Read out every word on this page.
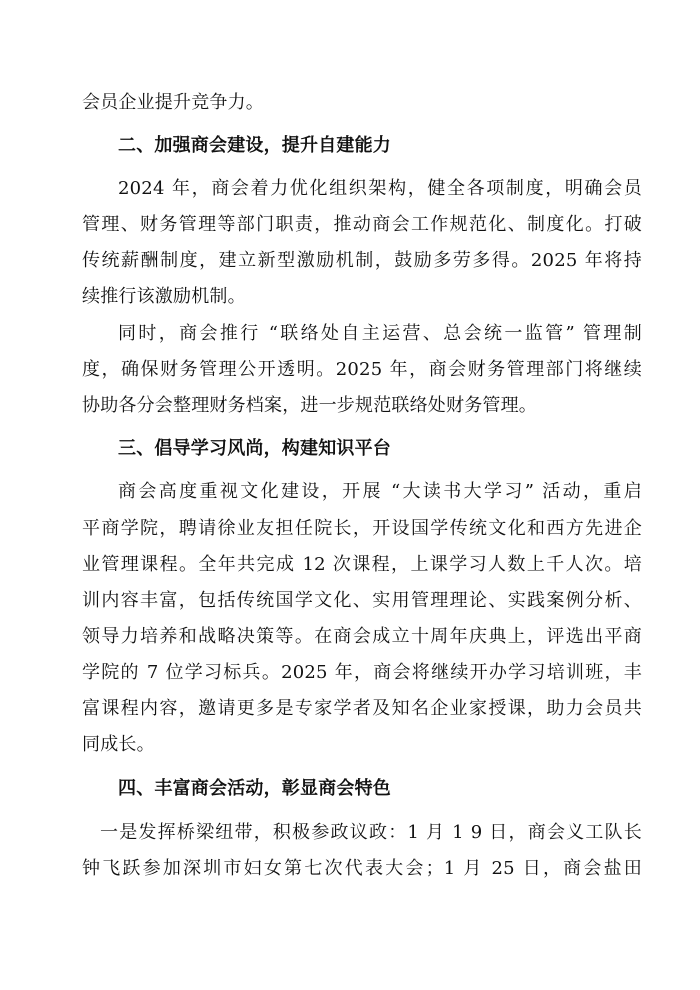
会员企业提升竞争力。
二、加强商会建设，提升自建能力
2024 年，商会着力优化组织架构，健全各项制度，明确会员
管理、财务管理等部门职责，推动商会工作规范化、制度化。打破
传统薪酬制度，建立新型激励机制，鼓励多劳多得。2025 年将持
续推行该激励机制。
同时，商会推行 “联络处自主运营、总会统一监管” 管理制
度，确保财务管理公开透明。2025 年，商会财务管理部门将继续
协助各分会整理财务档案，进一步规范联络处财务管理。
三、倡导学习风尚，构建知识平台
商会高度重视文化建设，开展 “大读书大学习” 活动，重启
平商学院，聘请徐业友担任院长，开设国学传统文化和西方先进企
业管理课程。全年共完成 12 次课程，上课学习人数上千人次。培
训内容丰富，包括传统国学文化、实用管理理论、实践案例分析、
领导力培养和战略决策等。在商会成立十周年庆典上，评选出平商
学院的 7 位学习标兵。2025 年，商会将继续开办学习培训班，丰
富课程内容，邀请更多是专家学者及知名企业家授课，助力会员共
同成长。
四、丰富商会活动，彰显商会特色
一是发挥桥梁纽带，积极参政议政：1 月 1 9 日，商会义工队长
钟飞跃参加深圳市妇女第七次代表大会；1 月 25 日，商会盐田
